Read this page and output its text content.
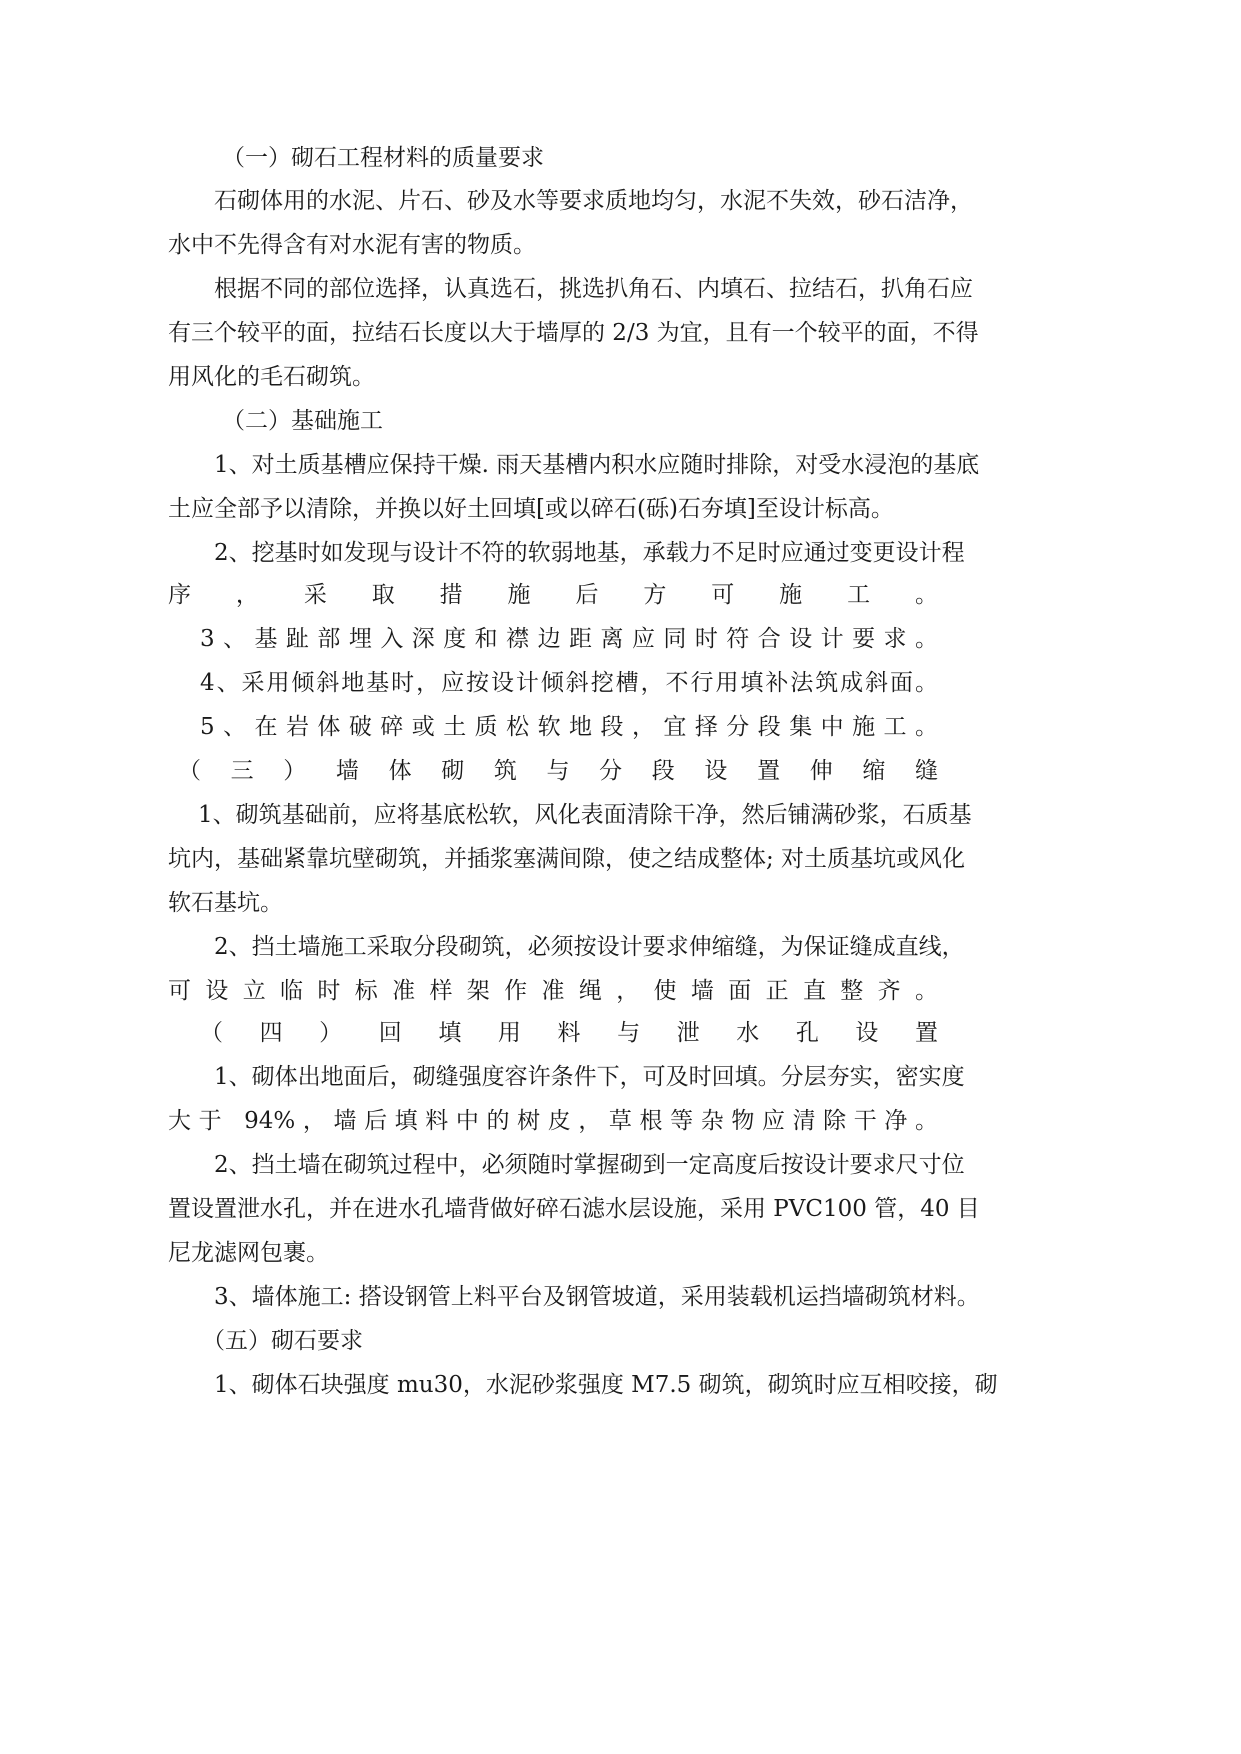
（一）砌石工程材料的质量要求
石砌体用的水泥、片石、砂及水等要求质地均匀，水泥不失效，砂石洁净，
水中不先得含有对水泥有害的物质。
根据不同的部位选择，认真选石，挑选扒角石、内填石、拉结石，扒角石应
有三个较平的面，拉结石长度以大于墙厚的 2/3 为宜，且有一个较平的面，不得
用风化的毛石砌筑。
（二）基础施工
1、对土质基槽应保持干燥. 雨天基槽内积水应随时排除，对受水浸泡的基底
土应全部予以清除，并换以好土回填[或以碎石(砾)石夯填]至设计标高。
2、挖基时如发现与设计不符的软弱地基，承载力不足时应通过变更设计程
序，采取措施后方可施工。
3、基趾部埋入深度和襟边距离应同时符合设计要求。
4、采用倾斜地基时，应按设计倾斜挖槽，不行用填补法筑成斜面。
5、在岩体破碎或土质松软地段，宜择分段集中施工。
（三）墙体砌筑与分段设置伸缩缝
1、砌筑基础前，应将基底松软，风化表面清除干净，然后铺满砂浆，石质基
坑内，基础紧靠坑壁砌筑，并插浆塞满间隙，使之结成整体; 对土质基坑或风化
软石基坑。
2、挡土墙施工采取分段砌筑，必须按设计要求伸缩缝，为保证缝成直线，
可设立临时标准样架作准绳，使墙面正直整齐。
（四）回填用料与泄水孔设置
1、砌体出地面后，砌缝强度容许条件下，可及时回填。分层夯实，密实度
大于 94%，墙后填料中的树皮，草根等杂物应清除干净。
2、挡土墙在砌筑过程中，必须随时掌握砌到一定高度后按设计要求尺寸位
置设置泄水孔，并在进水孔墙背做好碎石滤水层设施，采用 PVC100 管，40 目
尼龙滤网包裹。
3、墙体施工: 搭设钢管上料平台及钢管坡道，采用装载机运挡墙砌筑材料。
（五）砌石要求
1、砌体石块强度 mu30，水泥砂浆强度 M7.5 砌筑，砌筑时应互相咬接，砌
